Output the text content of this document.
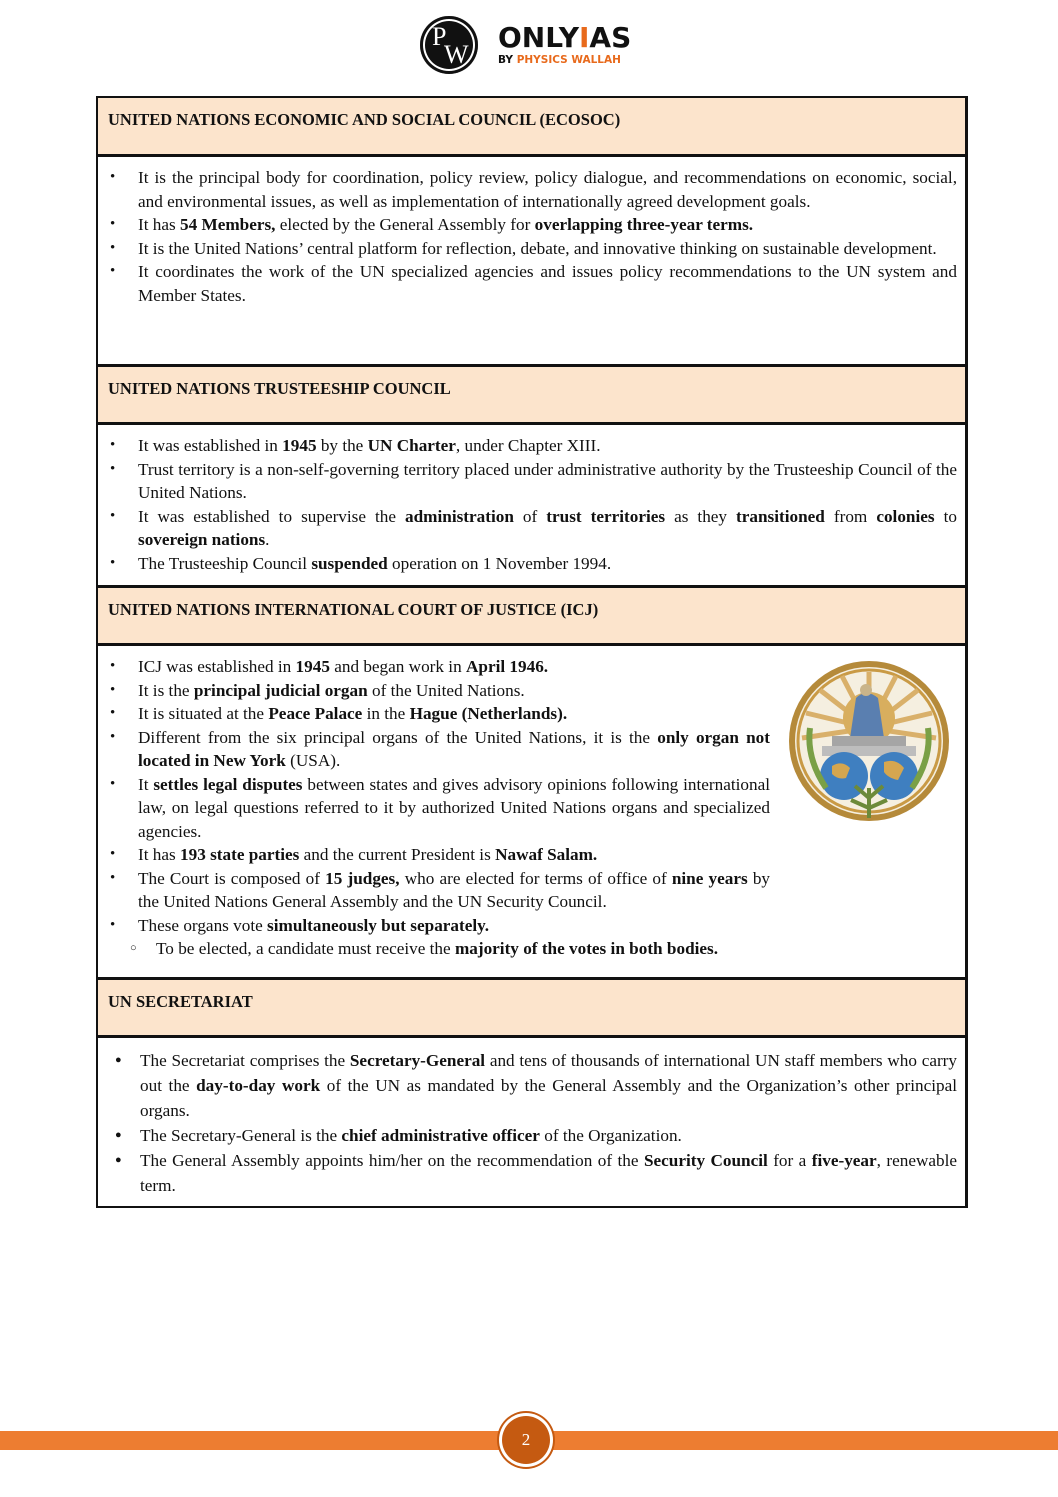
P
W
ONLYIAS
BY PHYSICS WALLAH
UNITED NATIONS ECONOMIC AND SOCIAL COUNCIL (ECOSOC)
• It is the principal body for coordination, policy review, policy dialogue, and recommendations on economic, social, and environmental issues, as well as implementation of internationally agreed development goals.
• It has 54 Members, elected by the General Assembly for overlapping three-year terms.
• It is the United Nations’ central platform for reflection, debate, and innovative thinking on sustainable development.
• It coordinates the work of the UN specialized agencies and issues policy recommendations to the UN system and Member States.
UNITED NATIONS TRUSTEESHIP COUNCIL
• It was established in 1945 by the UN Charter, under Chapter XIII.
• Trust territory is a non-self-governing territory placed under administrative authority by the Trusteeship Council of the United Nations.
• It was established to supervise the administration of trust territories as they transitioned from colonies to sovereign nations.
• The Trusteeship Council suspended operation on 1 November 1994.
UNITED NATIONS INTERNATIONAL COURT OF JUSTICE (ICJ)
• ICJ was established in 1945 and began work in April 1946.
• It is the principal judicial organ of the United Nations.
• It is situated at the Peace Palace in the Hague (Netherlands).
• Different from the six principal organs of the United Nations, it is the only organ not located in New York (USA).
• It settles legal disputes between states and gives advisory opinions following international law, on legal questions referred to it by authorized United Nations organs and specialized agencies.
• It has 193 state parties and the current President is Nawaf Salam.
• The Court is composed of 15 judges, who are elected for terms of office of nine years by the United Nations General Assembly and the UN Security Council.
• These organs vote simultaneously but separately.
○ To be elected, a candidate must receive the majority of the votes in both bodies.
UN SECRETARIAT
● The Secretariat comprises the Secretary-General and tens of thousands of international UN staff members who carry out the day-to-day work of the UN as mandated by the General Assembly and the Organization’s other principal organs.
● The Secretary-General is the chief administrative officer of the Organization.
● The General Assembly appoints him/her on the recommendation of the Security Council for a five-year, renewable term.
2
